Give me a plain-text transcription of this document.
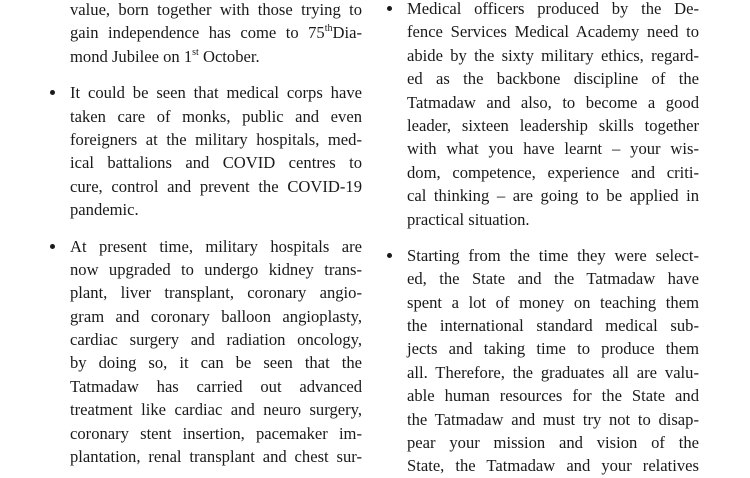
value, born together with those trying to
gain independence has come to 75thDia-
mond Jubilee on 1st October.
It could be seen that medical corps have
taken care of monks, public and even
foreigners at the military hospitals, med-
ical battalions and COVID centres to
cure, control and prevent the COVID-19
pandemic.
At present time, military hospitals are
now upgraded to undergo kidney trans-
plant, liver transplant, coronary angio-
gram and coronary balloon angioplasty,
cardiac surgery and radiation oncology,
by doing so, it can be seen that the
Tatmadaw has carried out advanced
treatment like cardiac and neuro surgery,
coronary stent insertion, pacemaker im-
plantation, renal transplant and chest sur-
Medical officers produced by the De-
fence Services Medical Academy need to
abide by the sixty military ethics, regard-
ed as the backbone discipline of the
Tatmadaw and also, to become a good
leader, sixteen leadership skills together
with what you have learnt – your wis-
dom, competence, experience and criti-
cal thinking – are going to be applied in
practical situation.
Starting from the time they were select-
ed, the State and the Tatmadaw have
spent a lot of money on teaching them
the international standard medical sub-
jects and taking time to produce them
all. Therefore, the graduates all are valu-
able human resources for the State and
the Tatmadaw and must try not to disap-
pear your mission and vision of the
State, the Tatmadaw and your relatives
